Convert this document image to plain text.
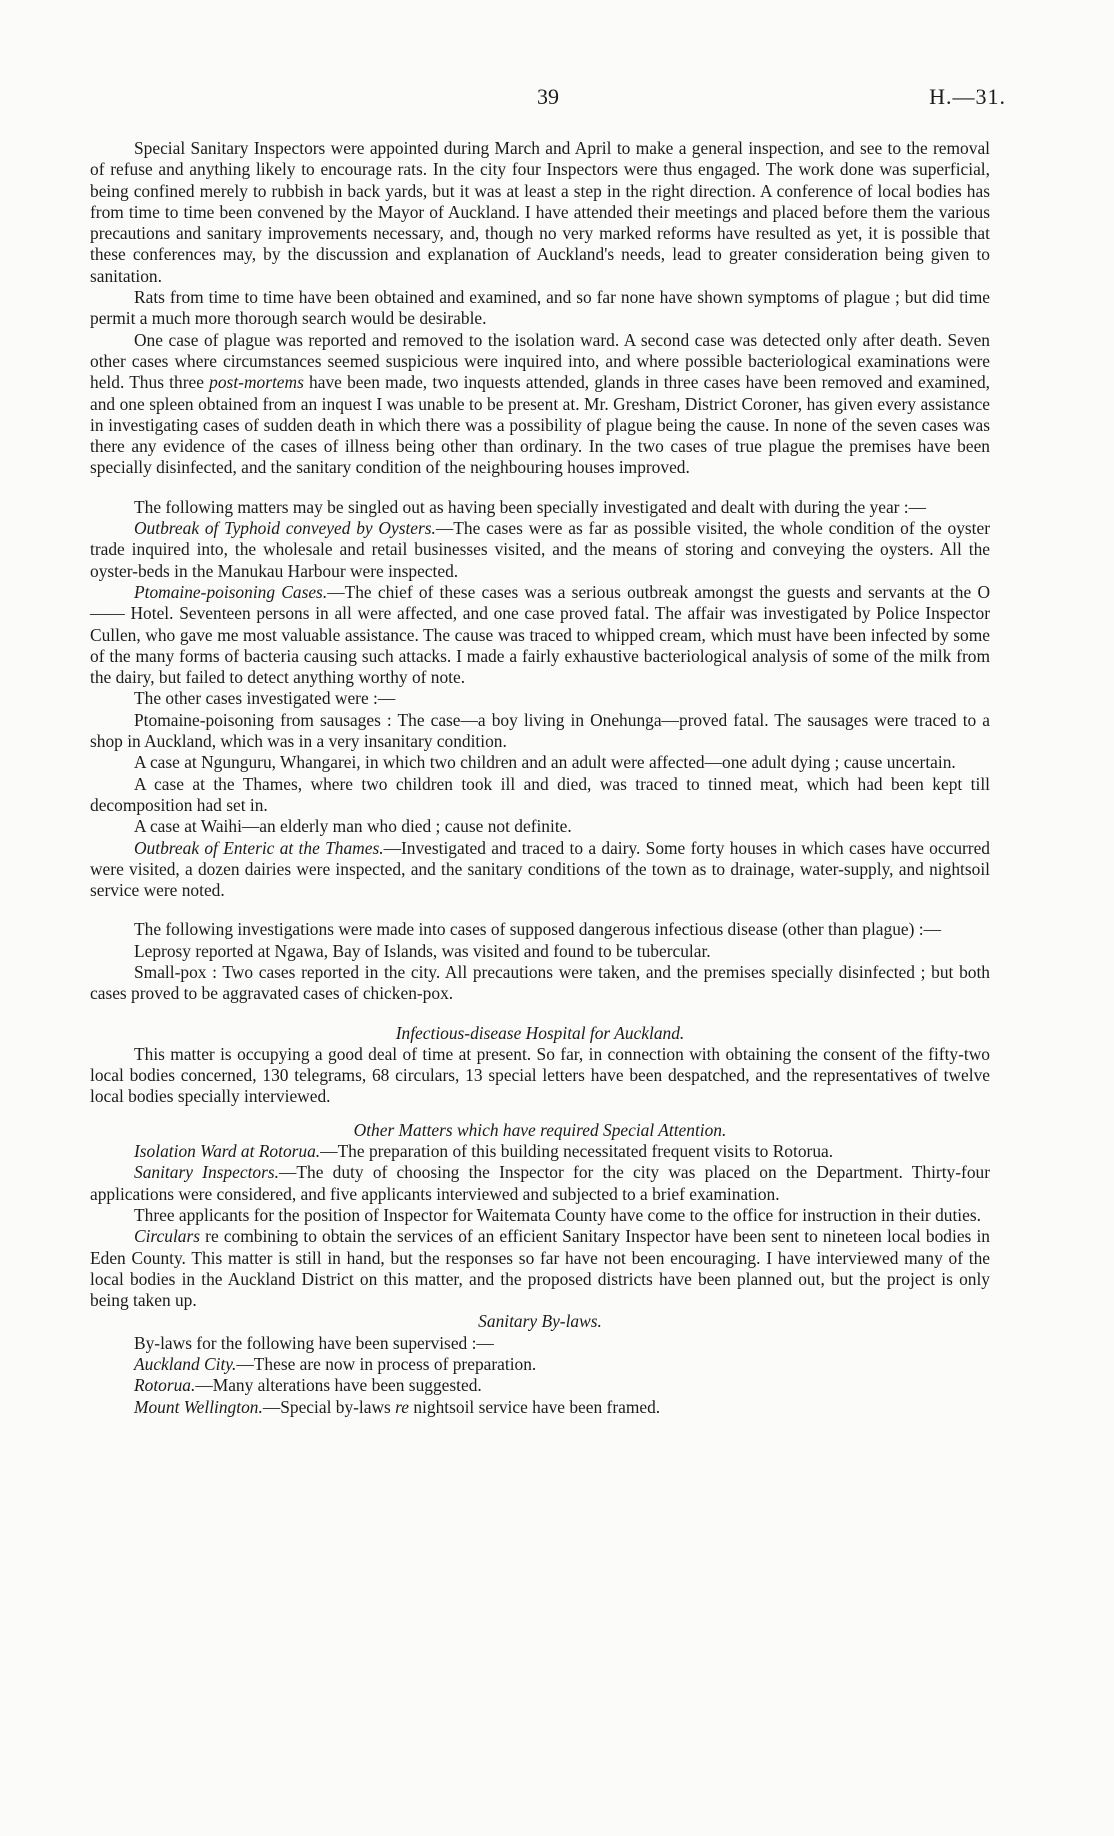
39	H.—31.

Special Sanitary Inspectors were appointed during March and April to make a general inspection, and see to the removal of refuse and anything likely to encourage rats. In the city four Inspectors were thus engaged. The work done was superficial, being confined merely to rubbish in back yards, but it was at least a step in the right direction. A conference of local bodies has from time to time been convened by the Mayor of Auckland. I have attended their meetings and placed before them the various precautions and sanitary improvements necessary, and, though no very marked reforms have resulted as yet, it is possible that these conferences may, by the discussion and explanation of Auckland's needs, lead to greater consideration being given to sanitation.

Rats from time to time have been obtained and examined, and so far none have shown symptoms of plague ; but did time permit a much more thorough search would be desirable.

One case of plague was reported and removed to the isolation ward. A second case was detected only after death. Seven other cases where circumstances seemed suspicious were inquired into, and where possible bacteriological examinations were held. Thus three post-mortems have been made, two inquests attended, glands in three cases have been removed and examined, and one spleen obtained from an inquest I was unable to be present at. Mr. Gresham, District Coroner, has given every assistance in investigating cases of sudden death in which there was a possibility of plague being the cause. In none of the seven cases was there any evidence of the cases of illness being other than ordinary. In the two cases of true plague the premises have been specially disinfected, and the sanitary condition of the neighbouring houses improved.

The following matters may be singled out as having been specially investigated and dealt with during the year :—

Outbreak of Typhoid conveyed by Oysters.—The cases were as far as possible visited, the whole condition of the oyster trade inquired into, the wholesale and retail businesses visited, and the means of storing and conveying the oysters. All the oyster-beds in the Manukau Harbour were inspected.

Ptomaine-poisoning Cases.—The chief of these cases was a serious outbreak amongst the guests and servants at the O—— Hotel. Seventeen persons in all were affected, and one case proved fatal. The affair was investigated by Police Inspector Cullen, who gave me most valuable assistance. The cause was traced to whipped cream, which must have been infected by some of the many forms of bacteria causing such attacks. I made a fairly exhaustive bacteriological analysis of some of the milk from the dairy, but failed to detect anything worthy of note.

The other cases investigated were :—

Ptomaine-poisoning from sausages : The case—a boy living in Onehunga—proved fatal. The sausages were traced to a shop in Auckland, which was in a very insanitary condition.

A case at Ngunguru, Whangarei, in which two children and an adult were affected—one adult dying ; cause uncertain.

A case at the Thames, where two children took ill and died, was traced to tinned meat, which had been kept till decomposition had set in.

A case at Waihi—an elderly man who died ; cause not definite.

Outbreak of Enteric at the Thames.—Investigated and traced to a dairy. Some forty houses in which cases have occurred were visited, a dozen dairies were inspected, and the sanitary conditions of the town as to drainage, water-supply, and nightsoil service were noted.

The following investigations were made into cases of supposed dangerous infectious disease (other than plague) :—

Leprosy reported at Ngawa, Bay of Islands, was visited and found to be tubercular.

Small-pox : Two cases reported in the city. All precautions were taken, and the premises specially disinfected ; but both cases proved to be aggravated cases of chicken-pox.

Infectious-disease Hospital for Auckland.

This matter is occupying a good deal of time at present. So far, in connection with obtaining the consent of the fifty-two local bodies concerned, 130 telegrams, 68 circulars, 13 special letters have been despatched, and the representatives of twelve local bodies specially interviewed.

Other Matters which have required Special Attention.

Isolation Ward at Rotorua.—The preparation of this building necessitated frequent visits to Rotorua.

Sanitary Inspectors.—The duty of choosing the Inspector for the city was placed on the Department. Thirty-four applications were considered, and five applicants interviewed and subjected to a brief examination.

Three applicants for the position of Inspector for Waitemata County have come to the office for instruction in their duties.

Circulars re combining to obtain the services of an efficient Sanitary Inspector have been sent to nineteen local bodies in Eden County. This matter is still in hand, but the responses so far have not been encouraging. I have interviewed many of the local bodies in the Auckland District on this matter, and the proposed districts have been planned out, but the project is only being taken up.

Sanitary By-laws.

By-laws for the following have been supervised :—

Auckland City.—These are now in process of preparation.

Rotorua.—Many alterations have been suggested.

Mount Wellington.—Special by-laws re nightsoil service have been framed.
